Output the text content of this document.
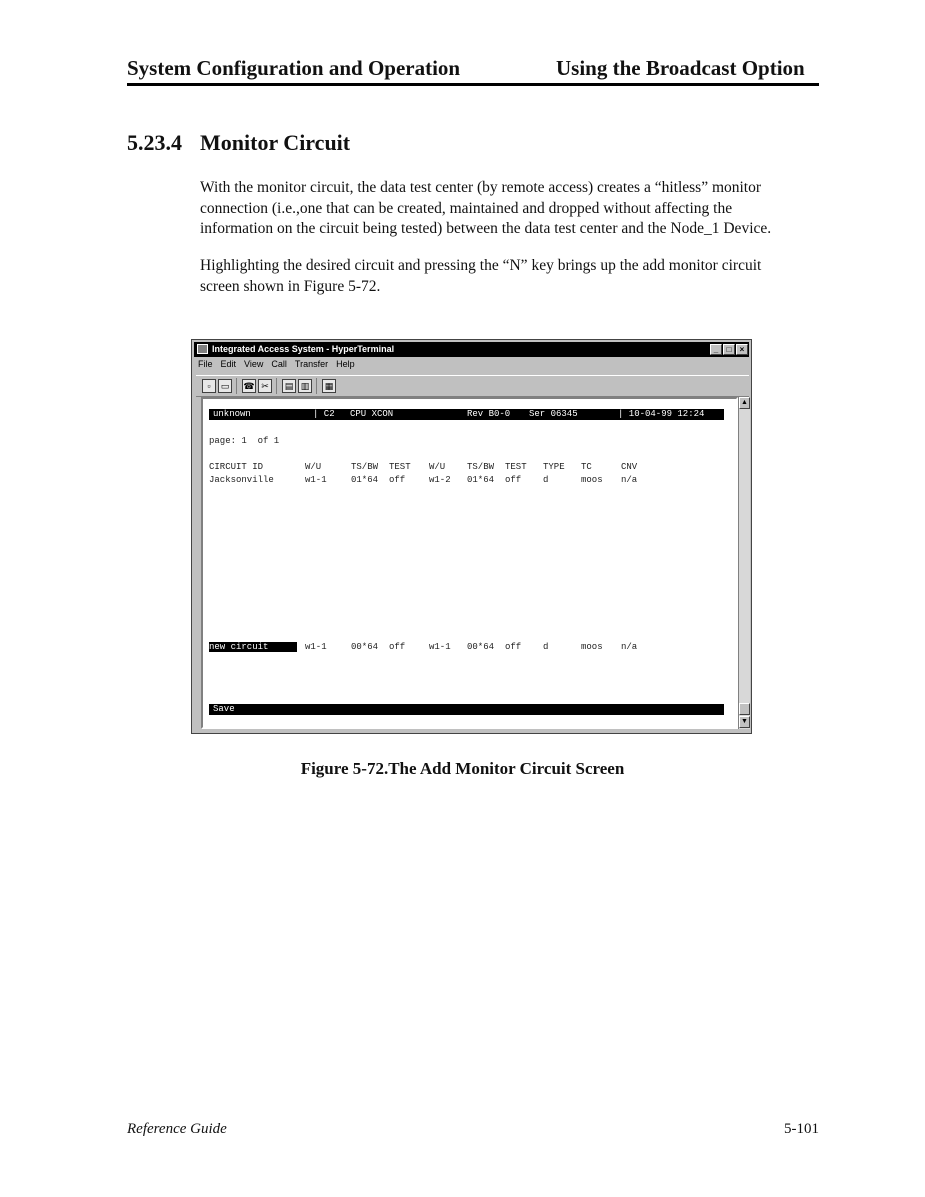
System Configuration and Operation	Using the Broadcast Option
5.23.4 Monitor Circuit
With the monitor circuit, the data test center (by remote access) creates a “hitless” monitor
connection (i.e.,one that can be created, maintained and dropped without affecting the
information on the circuit being tested) between the data test center and the Node_1 Device.
Highlighting the desired circuit and pressing the “N” key brings up the add monitor circuit
screen shown in Figure 5-72.
Integrated Access System - HyperTerminal	_	□	×
File Edit View Call Transfer Help
▫	▭	☎ ✂	▤ ▥	▦
unknown	| C2 CPU XCON	Rev B0-0 Ser 06345	| 10-04-99 12:24
page: 1  of 1
CIRCUIT ID	W/U	TS/BW TEST W/U TS/BW TEST TYPE TC	CNV
Jacksonville	w1-1	01*64 off	w1-2 01*64 off d	moos n/a
new circuit	w1-1	00*64 off	w1-1 00*64 off d	moos n/a
Save
▲
▼
Figure 5-72.The Add Monitor Circuit Screen
Reference Guide	5-101
